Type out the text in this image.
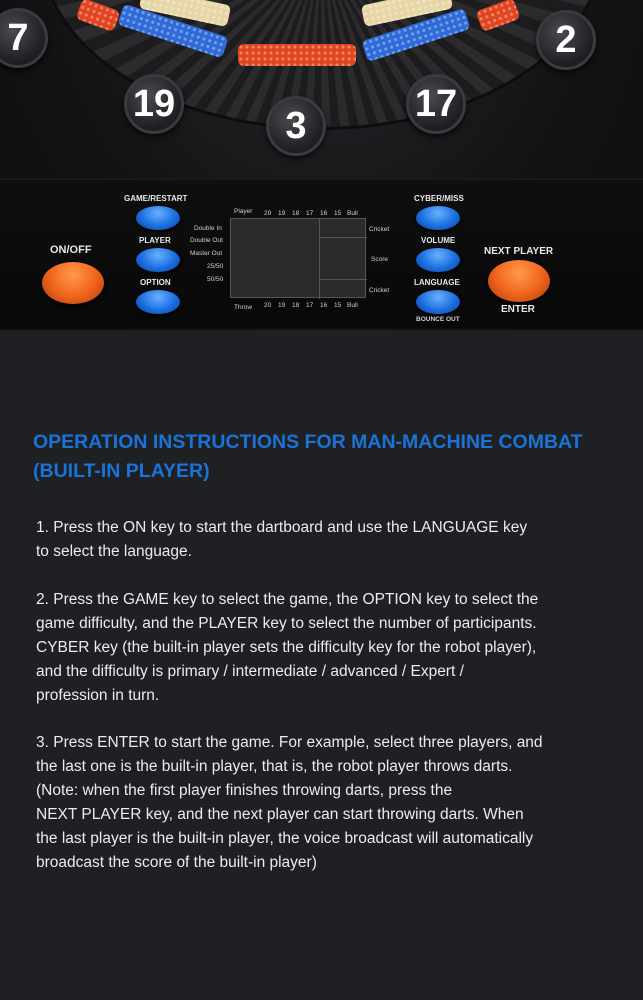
7	2
19
3
17
GAME/RESTART
PLAYER
OPTION
ON/OFF
Player 20 19 18 17 16 15 Bull
Double In
Double Out
Master Out
25/50
50/50
Cricket
Score
Cricket
Throw 20 19 18 17 16 15 Bull
CYBER/MISS
VOLUME
LANGUAGE
BOUNCE OUT
NEXT PLAYER
ENTER
OPERATION INSTRUCTIONS FOR MAN-MACHINE COMBAT
(BUILT-IN PLAYER)
1. Press the ON key to start the dartboard and use the LANGUAGE key
to select the language.
2. Press the GAME key to select the game, the OPTION key to select the
game difficulty, and the PLAYER key to select the number of participants.
CYBER key (the built-in player sets the difficulty key for the robot player),
and the difficulty is primary / intermediate / advanced / Expert /
profession in turn.
3. Press ENTER to start the game. For example, select three players, and
the last one is the built-in player, that is, the robot player throws darts.
(Note: when the first player finishes throwing darts, press the
NEXT PLAYER key, and the next player can start throwing darts. When
the last player is the built-in player, the voice broadcast will automatically
broadcast the score of the built-in player)
